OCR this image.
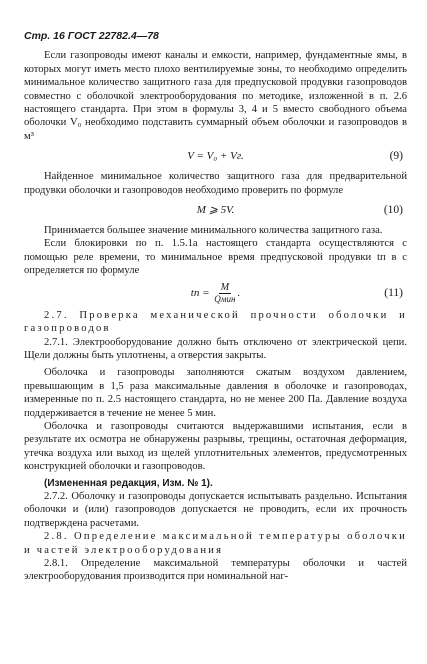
Стр. 16 ГОСТ 22782.4—78

Если газопроводы имеют каналы и емкости, например, фундаментные ямы, в которых могут иметь место плохо вентилируемые зоны, то необходимо определить минимальное количество защитного газа для предпусковой продувки газопроводов совместно с оболочкой электрооборудования по методике, изложенной в п. 2.6 настоящего стандарта. При этом в формулы 3, 4 и 5 вместо свободного объема оболочки V₀ необходимо подставить суммарный объем оболочки и газопроводов в м³

V = V₀ + Vг.	(9)

Найденное минимальное количество защитного газа для предварительной продувки оболочки и газопроводов необходимо проверить по формуле

M ⩾ 5V.	(10)

Принимается большее значение минимального количества защитного газа.

Если блокировки по п. 1.5.1а настоящего стандарта осуществляются с помощью реле времени, то минимальное время предпусковой продувки tп в с определяется по формуле

tп = $\frac{M}{\text{Qмин}}$ .	(11)

2.7. Проверка механической прочности оболочки и газопроводов

2.7.1. Электрооборудование должно быть отключено от электрической цепи. Щели должны быть уплотнены, а отверстия закрыты.

Оболочка и газопроводы заполняются сжатым воздухом давлением, превышающим в 1,5 раза максимальные давления в оболочке и газопроводах, измеренные по п. 2.5 настоящего стандарта, но не менее 200 Па. Давление воздуха поддерживается в течение не менее 5 мин.

Оболочка и газопроводы считаются выдержавшими испытания, если в результате их осмотра не обнаружены разрывы, трещины, остаточная деформация, утечка воздуха или выход из щелей уплотнительных элементов, предусмотренных конструкцией оболочки и газопроводов.

(Измененная редакция, Изм. № 1).

2.7.2. Оболочку и газопроводы допускается испытывать раздельно. Испытания оболочки и (или) газопроводов допускается не проводить, если их прочность подтверждена расчетами.

2.8. Определение максимальной температуры оболочки и частей электрооборудования

2.8.1. Определение максимальной температуры оболочки и частей электрооборудования производится при номинальной наг-
